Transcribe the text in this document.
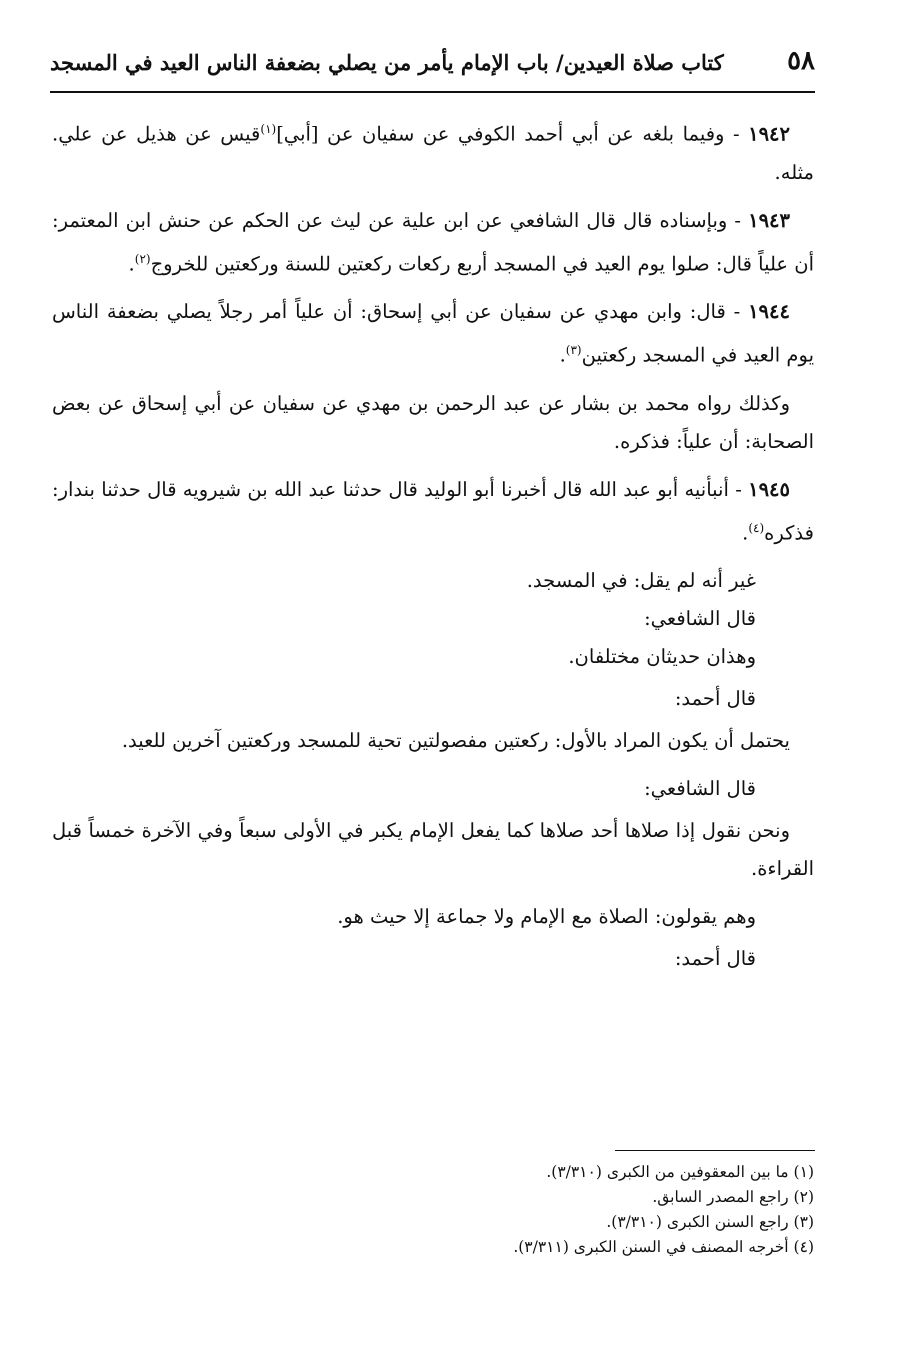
٥٨
كتاب صلاة العيدين/ باب الإمام يأمر من يصلي بضعفة الناس العيد في المسجد

١٩٤٢ - وفيما بلغه عن أبي أحمد الكوفي عن سفيان عن [أبي]$^{(١)}$قيس عن هذيل عن علي. مثله.

١٩٤٣ - وبإسناده قال قال الشافعي عن ابن علية عن ليث عن الحكم عن حنش ابن المعتمر: أن علياً قال: صلوا يوم العيد في المسجد أربع ركعات ركعتين للسنة وركعتين للخروج$^{(٢)}$.

١٩٤٤ - قال: وابن مهدي عن سفيان عن أبي إسحاق: أن علياً أمر رجلاً يصلي بضعفة الناس يوم العيد في المسجد ركعتين$^{(٣)}$.

وكذلك رواه محمد بن بشار عن عبد الرحمن بن مهدي عن سفيان عن أبي إسحاق عن بعض الصحابة: أن علياً: فذكره.

١٩٤٥ - أنبأنيه أبو عبد الله قال أخبرنا أبو الوليد قال حدثنا عبد الله بن شيرويه قال حدثنا بندار: فذكره$^{(٤)}$.

غير أنه لم يقل: في المسجد.

قال الشافعي:

وهذان حديثان مختلفان.

قال أحمد:

يحتمل أن يكون المراد بالأول: ركعتين مفصولتين تحية للمسجد وركعتين آخرين للعيد.

قال الشافعي:

ونحن نقول إذا صلاها أحد صلاها كما يفعل الإمام يكبر في الأولى سبعاً وفي الآخرة خمساً قبل القراءة.

وهم يقولون: الصلاة مع الإمام ولا جماعة إلا حيث هو.

قال أحمد:

(١) ما بين المعقوفين من الكبرى (٣/٣١٠).

(٢) راجع المصدر السابق.

(٣) راجع السنن الكبرى (٣/٣١٠).

(٤) أخرجه المصنف في السنن الكبرى (٣/٣١١).
